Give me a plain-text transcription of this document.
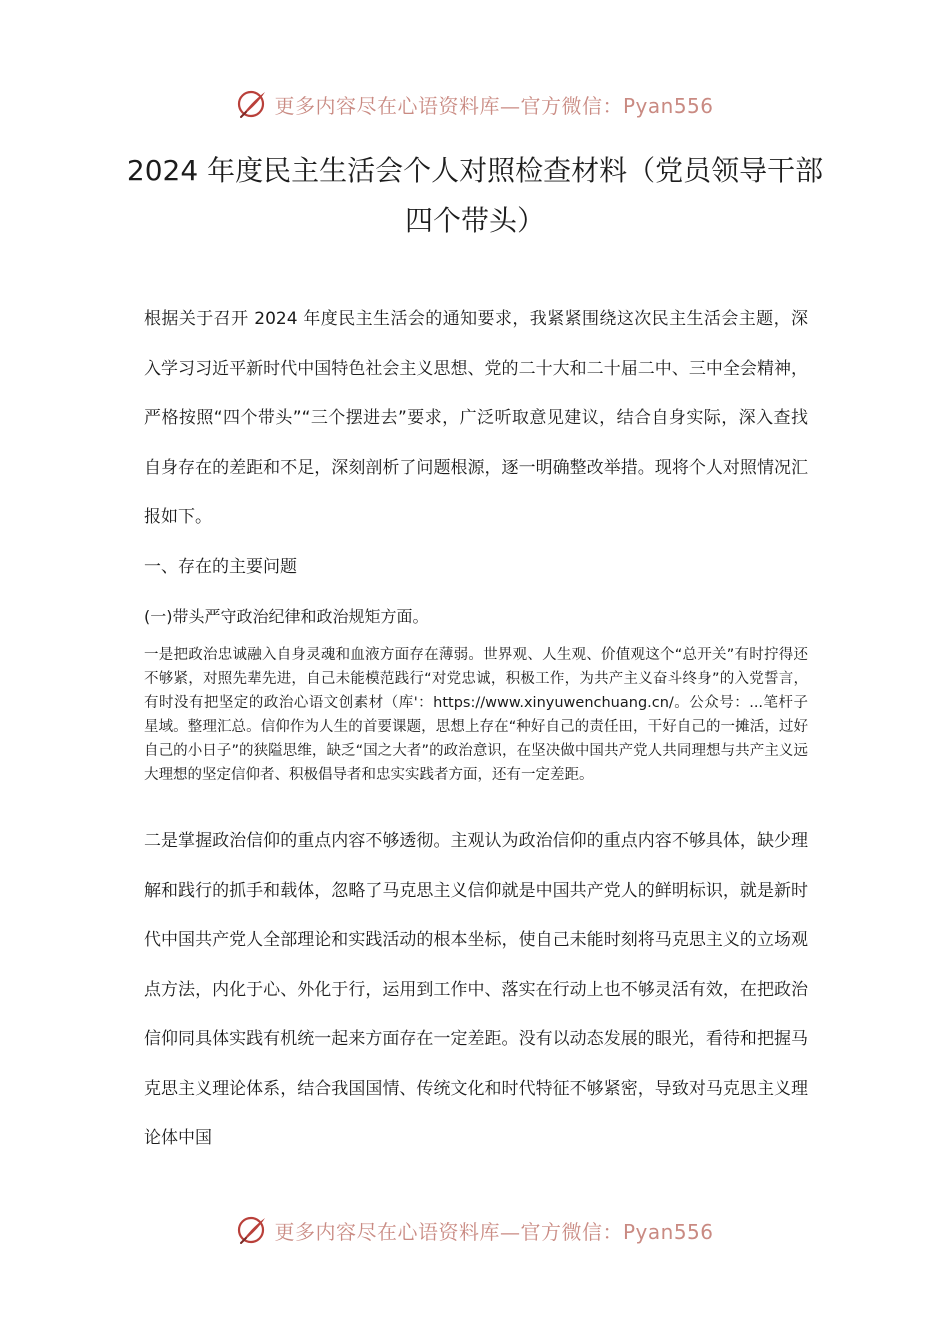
更多内容尽在心语资料库—官方微信：Pyan556
2024 年度民主生活会个人对照检查材料（党员领导干部四个带头）

根据关于召开 2024 年度民主生活会的通知要求，我紧紧围绕这次民主生活会主题，深入学习习近平新时代中国特色社会主义思想、党的二十大和二十届二中、三中全会精神，严格按照“四个带头”“三个摆进去”要求，广泛听取意见建议，结合自身实际，深入查找自身存在的差距和不足，深刻剖析了问题根源，逐一明确整改举措。现将个人对照情况汇报如下。

一、存在的主要问题

(一)带头严守政治纪律和政治规矩方面。

一是把政治忠诚融入自身灵魂和血液方面存在薄弱。世界观、人生观、价值观这个“总开关”有时拧得还不够紧，对照先辈先进，自己未能模范践行“对党忠诚，积极工作，为共产主义奋斗终身”的入党誓言，有时没有把坚定的政治心语文创素材（库'：https://www.xinyuwenchuang.cn/。公众号：...笔杆子星域。整理汇总。信仰作为人生的首要课题，思想上存在“种好自己的责任田，干好自己的一摊活，过好自己的小日子”的狭隘思维，缺乏“国之大者”的政治意识，在坚决做中国共产党人共同理想与共产主义远大理想的坚定信仰者、积极倡导者和忠实实践者方面，还有一定差距。

二是掌握政治信仰的重点内容不够透彻。主观认为政治信仰的重点内容不够具体，缺少理解和践行的抓手和载体，忽略了马克思主义信仰就是中国共产党人的鲜明标识，就是新时代中国共产党人全部理论和实践活动的根本坐标，使自己未能时刻将马克思主义的立场观点方法，内化于心、外化于行，运用到工作中、落实在行动上也不够灵活有效，在把政治信仰同具体实践有机统一起来方面存在一定差距。没有以动态发展的眼光，看待和把握马克思主义理论体系，结合我国国情、传统文化和时代特征不够紧密，导致对马克思主义理论体中国

更多内容尽在心语资料库—官方微信：Pyan556
